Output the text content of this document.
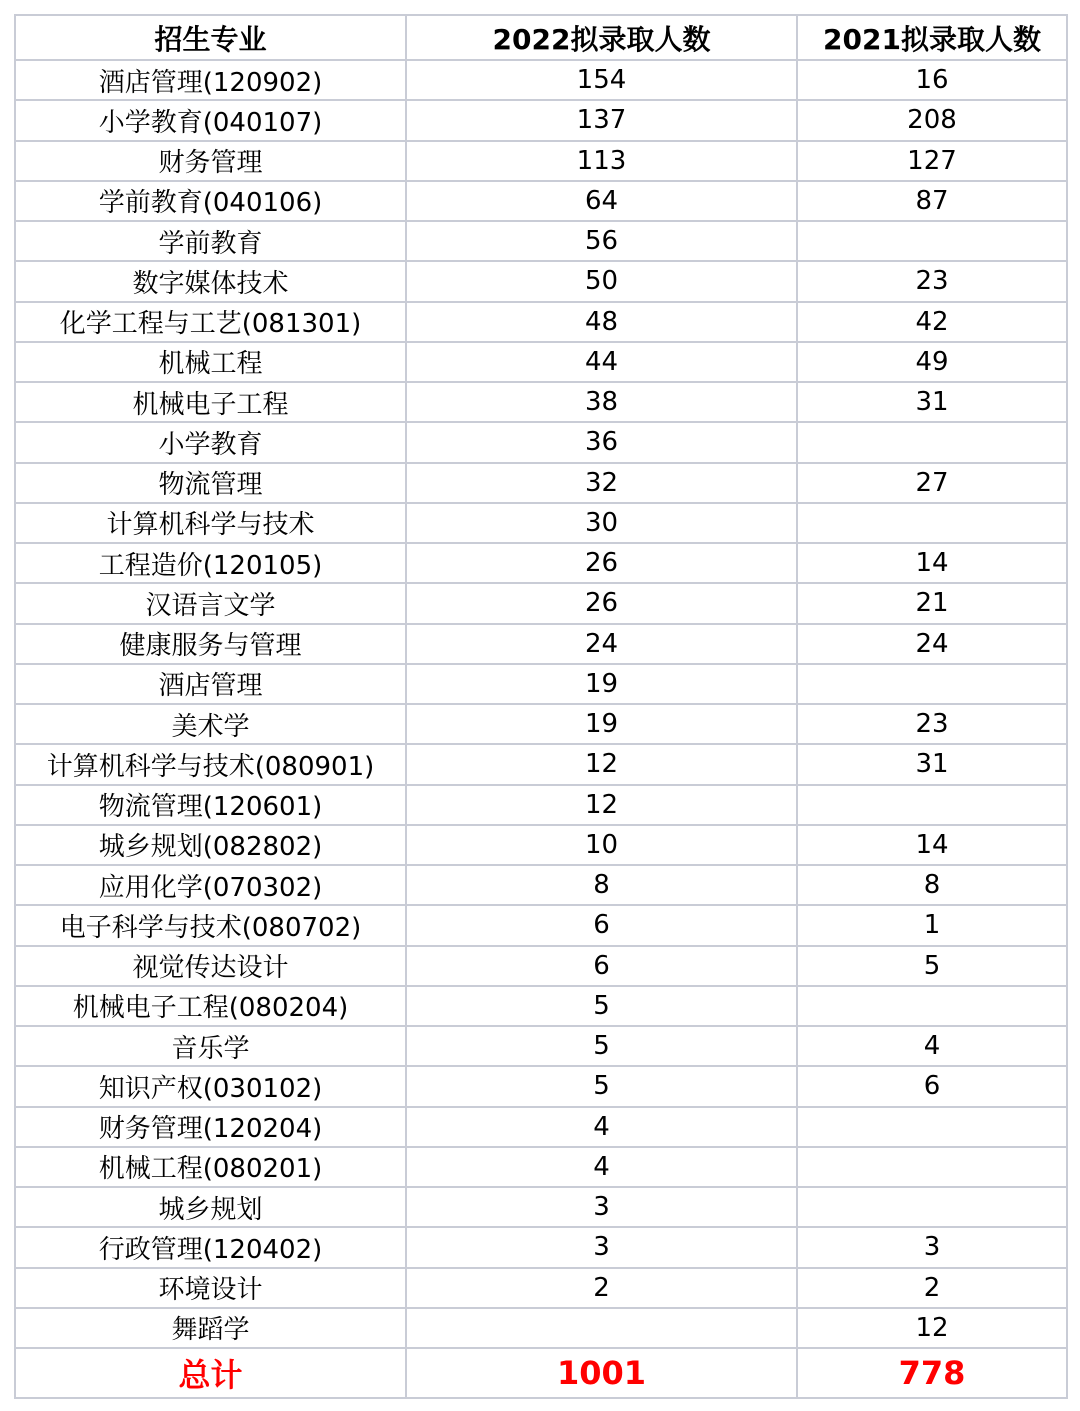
招生专业	2022拟录取人数	2021拟录取人数
酒店管理(120902)	154	16
小学教育(040107)	137	208
财务管理	113	127
学前教育(040106)	64	87
学前教育	56	
数字媒体技术	50	23
化学工程与工艺(081301)	48	42
机械工程	44	49
机械电子工程	38	31
小学教育	36	
物流管理	32	27
计算机科学与技术	30	
工程造价(120105)	26	14
汉语言文学	26	21
健康服务与管理	24	24
酒店管理	19	
美术学	19	23
计算机科学与技术(080901)	12	31
物流管理(120601)	12	
城乡规划(082802)	10	14
应用化学(070302)	8	8
电子科学与技术(080702)	6	1
视觉传达设计	6	5
机械电子工程(080204)	5	
音乐学	5	4
知识产权(030102)	5	6
财务管理(120204)	4	
机械工程(080201)	4	
城乡规划	3	
行政管理(120402)	3	3
环境设计	2	2
舞蹈学		12
总计	1001	778
